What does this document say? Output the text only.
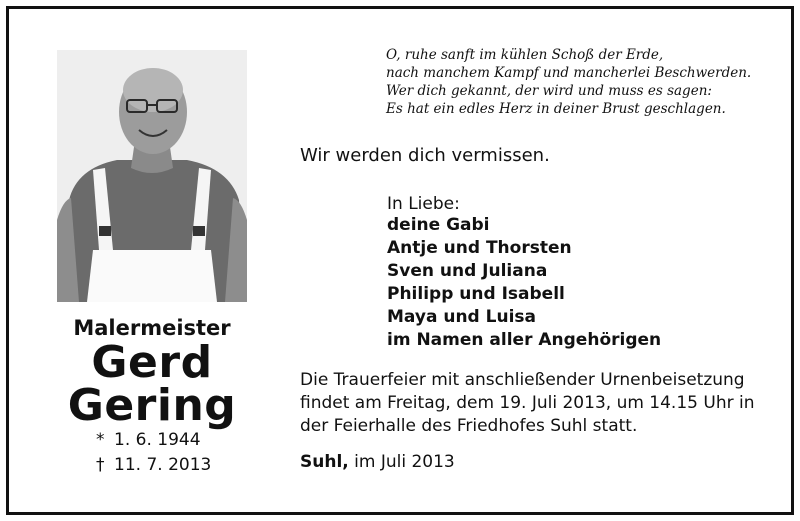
Malermeister
Gerd
Gering
* 1. 6. 1944
† 11. 7. 2013
O, ruhe sanft im kühlen Schoß der Erde,
nach manchem Kampf und mancherlei Beschwerden.
Wer dich gekannt, der wird und muss es sagen:
Es hat ein edles Herz in deiner Brust geschlagen.
Wir werden dich vermissen.
In Liebe:
deine Gabi
Antje und Thorsten
Sven und Juliana
Philipp und Isabell
Maya und Luisa
im Namen aller Angehörigen
Die Trauerfeier mit anschließender Urnenbeisetzung
findet am Freitag, dem 19. Juli 2013, um 14.15 Uhr in
der Feierhalle des Friedhofes Suhl statt.
Suhl, im Juli 2013
